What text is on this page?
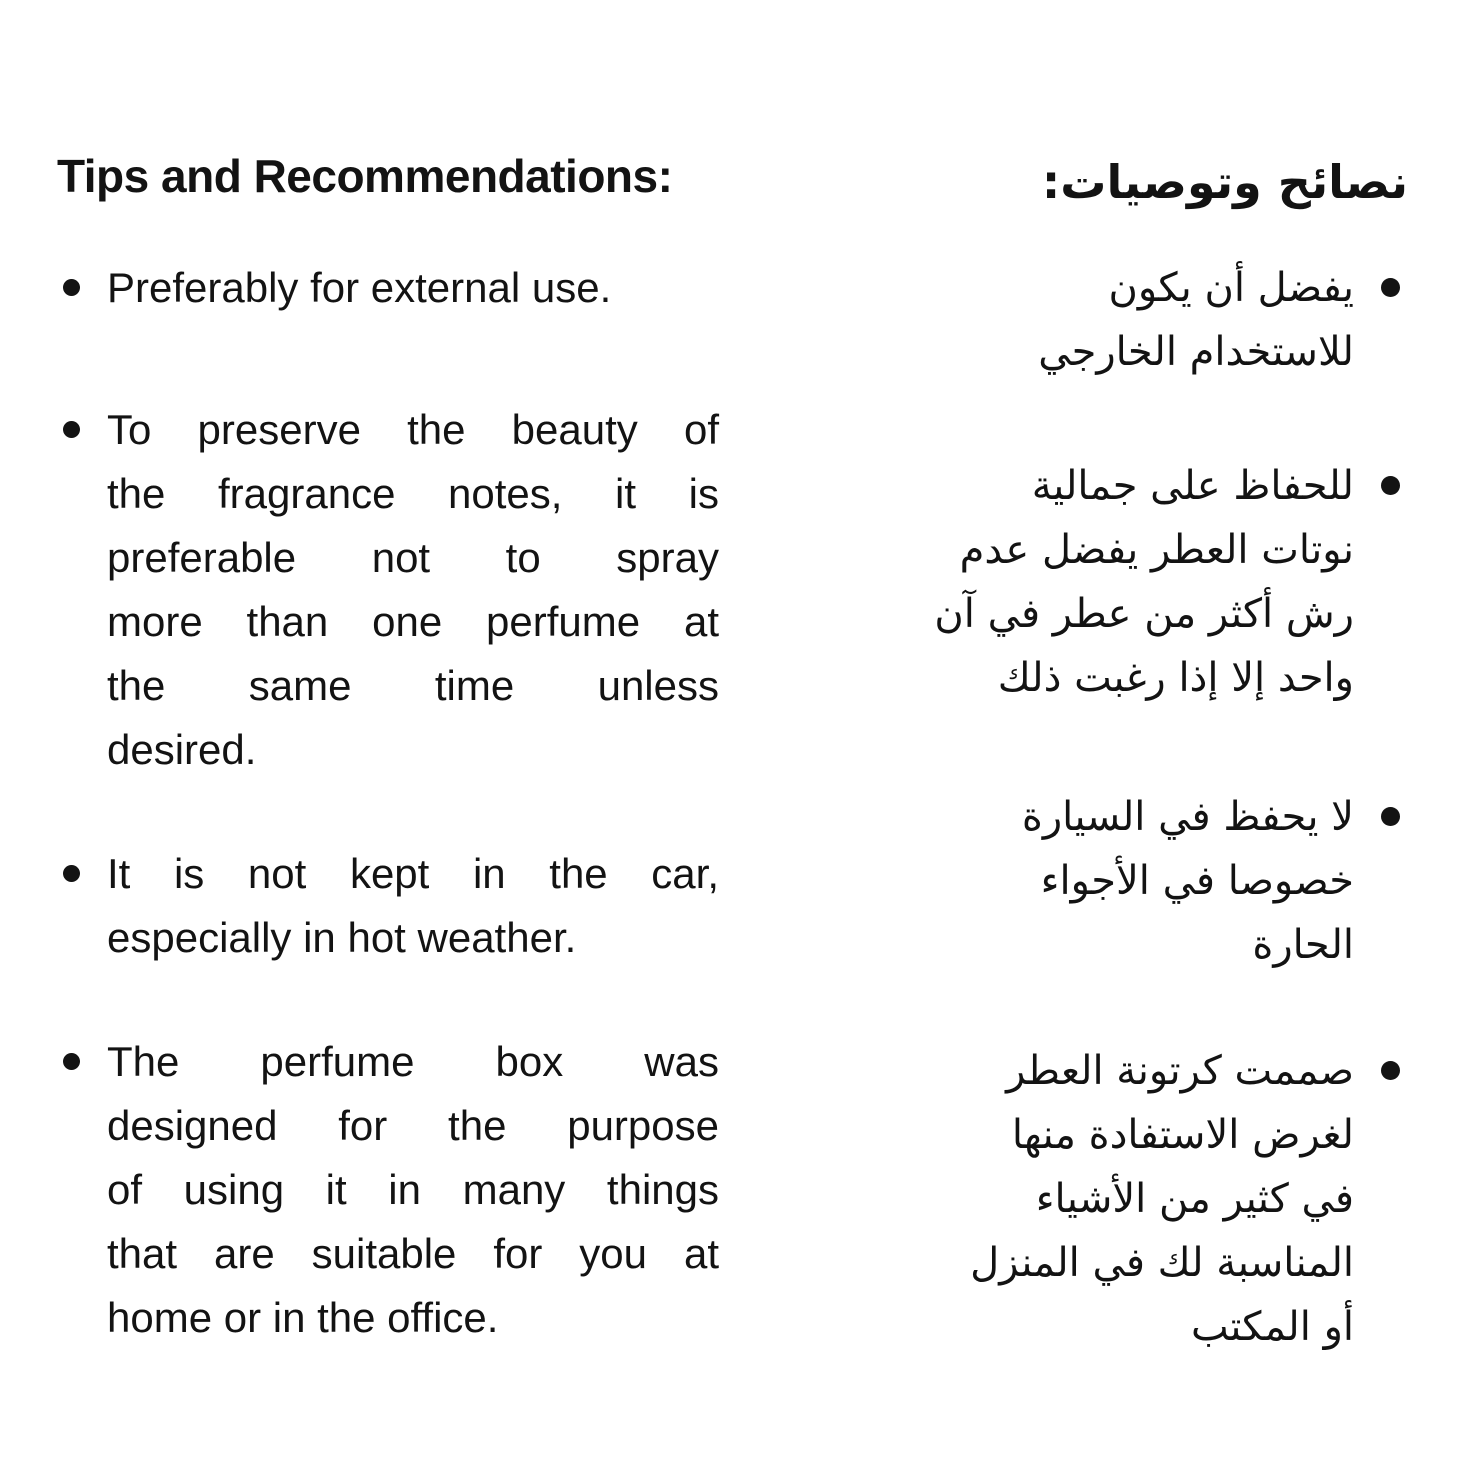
Tips and Recommendations:
Preferably for external use.
To preserve the beauty of
the fragrance notes, it is
preferable not to spray
more than one perfume at
the same time unless
desired.
It is not kept in the car,
especially in hot weather.
The perfume box was
designed for the purpose
of using it in many things
that are suitable for you at
home or in the office.
نصائح وتوصيات:
يفضل أن يكون
للاستخدام الخارجي
للحفاظ على جمالية
نوتات العطر يفضل عدم
رش أكثر من عطر في آن
واحد إلا إذا رغبت ذلك
لا يحفظ في السيارة
خصوصا في الأجواء
الحارة
صممت كرتونة العطر
لغرض الاستفادة منها
في كثير من الأشياء
المناسبة لك في المنزل
أو المكتب
